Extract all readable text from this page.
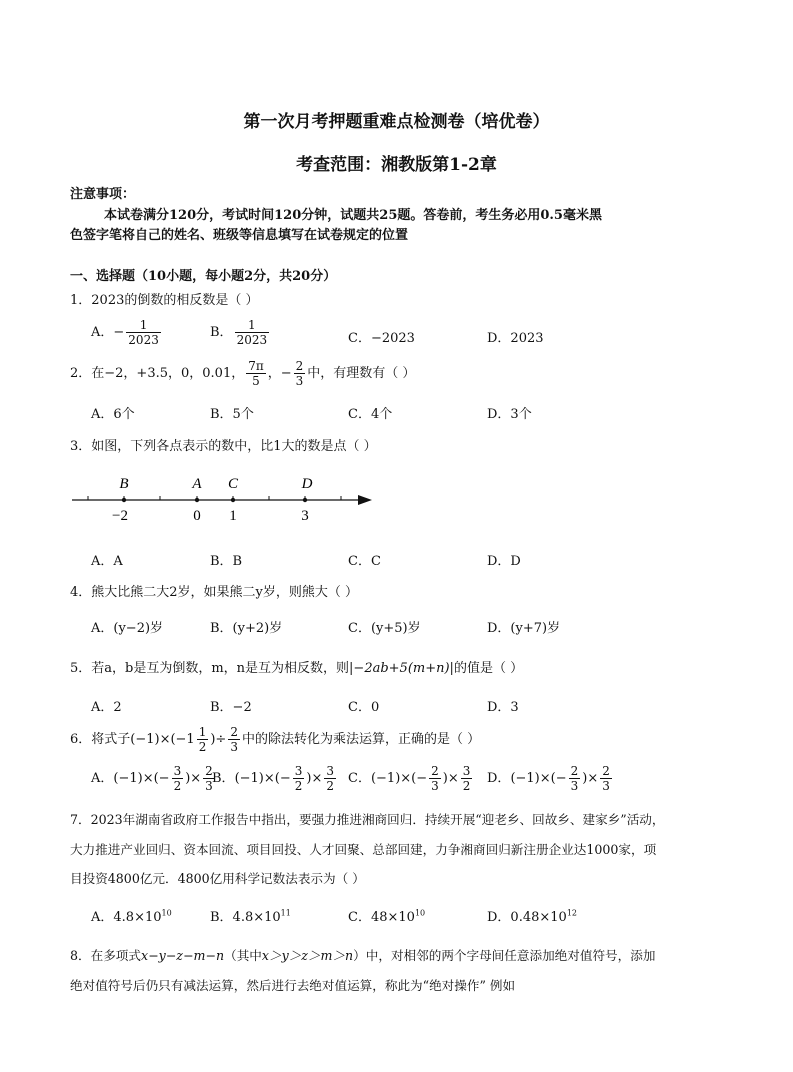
第一次月考押题重难点检测卷（培优卷）
考查范围：湘教版第1-2章
注意事项：
本试卷满分120分，考试时间120分钟，试题共25题。答卷前，考生务必用0.5毫米黑
色签字笔将自己的姓名、班级等信息填写在试卷规定的位置
一、选择题（10小题，每小题2分，共20分）
1．2023的倒数的相反数是（ ）
A．− $\frac{1}{2023}$	B． $\frac{1}{2023}$	C．−2023	D．2023
2．在−2，+3.5，0，0.01， $\frac{7\pi}{5}$ ，− $\frac{2}{3}$ 中，有理数有（ ）
A．6个	B．5个	C．4个	D．3个
3．如图，下列各点表示的数中，比1大的数是点（ ）
B
−2
A
0
C
1
D
3
A．A	B．B	C．C	D．D
4．熊大比熊二大2岁，如果熊二y岁，则熊大（ ）
A．(y−2)岁	B．(y+2)岁	C．(y+5)岁	D．(y+7)岁
5．若a，b是互为倒数，m，n是互为相反数，则|−2ab+5(m+n)|的值是（ ）
A．2	B．−2	C．0	D．3
6．将式子$(-1)\times(-1 \frac{1}{2}$ )÷ $\frac{2}{3}$ 中的除法转化为乘法运算，正确的是（ ）
A．$(-1)\times(- \frac{3}{2}$ )× $\frac{2}{3}$
B．$(-1)\times(- \frac{3}{2}$ )× $\frac{3}{2}$ C．$(-1)\times(- \frac{2}{3}$ )× $\frac{3}{2}$ D．$(-1)\times(- \frac{2}{3}$ )× $\frac{2}{3}$
7．2023年湖南省政府工作报告中指出，要强力推进湘商回归．持续开展“迎老乡、回故乡、建家乡”活动，
大力推进产业回归、资本回流、项目回投、人才回聚、总部回建，力争湘商回归新注册企业达1000家，项
目投资4800亿元．4800亿用科学记数法表示为（ ）
A．$4.8\times 10^{10}$	B．$4.8\times 10^{11}$	C．$48\times 10^{10}$	D．$0.48\times 10^{12}$
8．在多项式x−y−z−m−n（其中x＞y＞z＞m＞n）中，对相邻的两个字母间任意添加绝对值符号，添加
绝对值符号后仍只有减法运算，然后进行去绝对值运算，称此为“绝对操作” 例如
